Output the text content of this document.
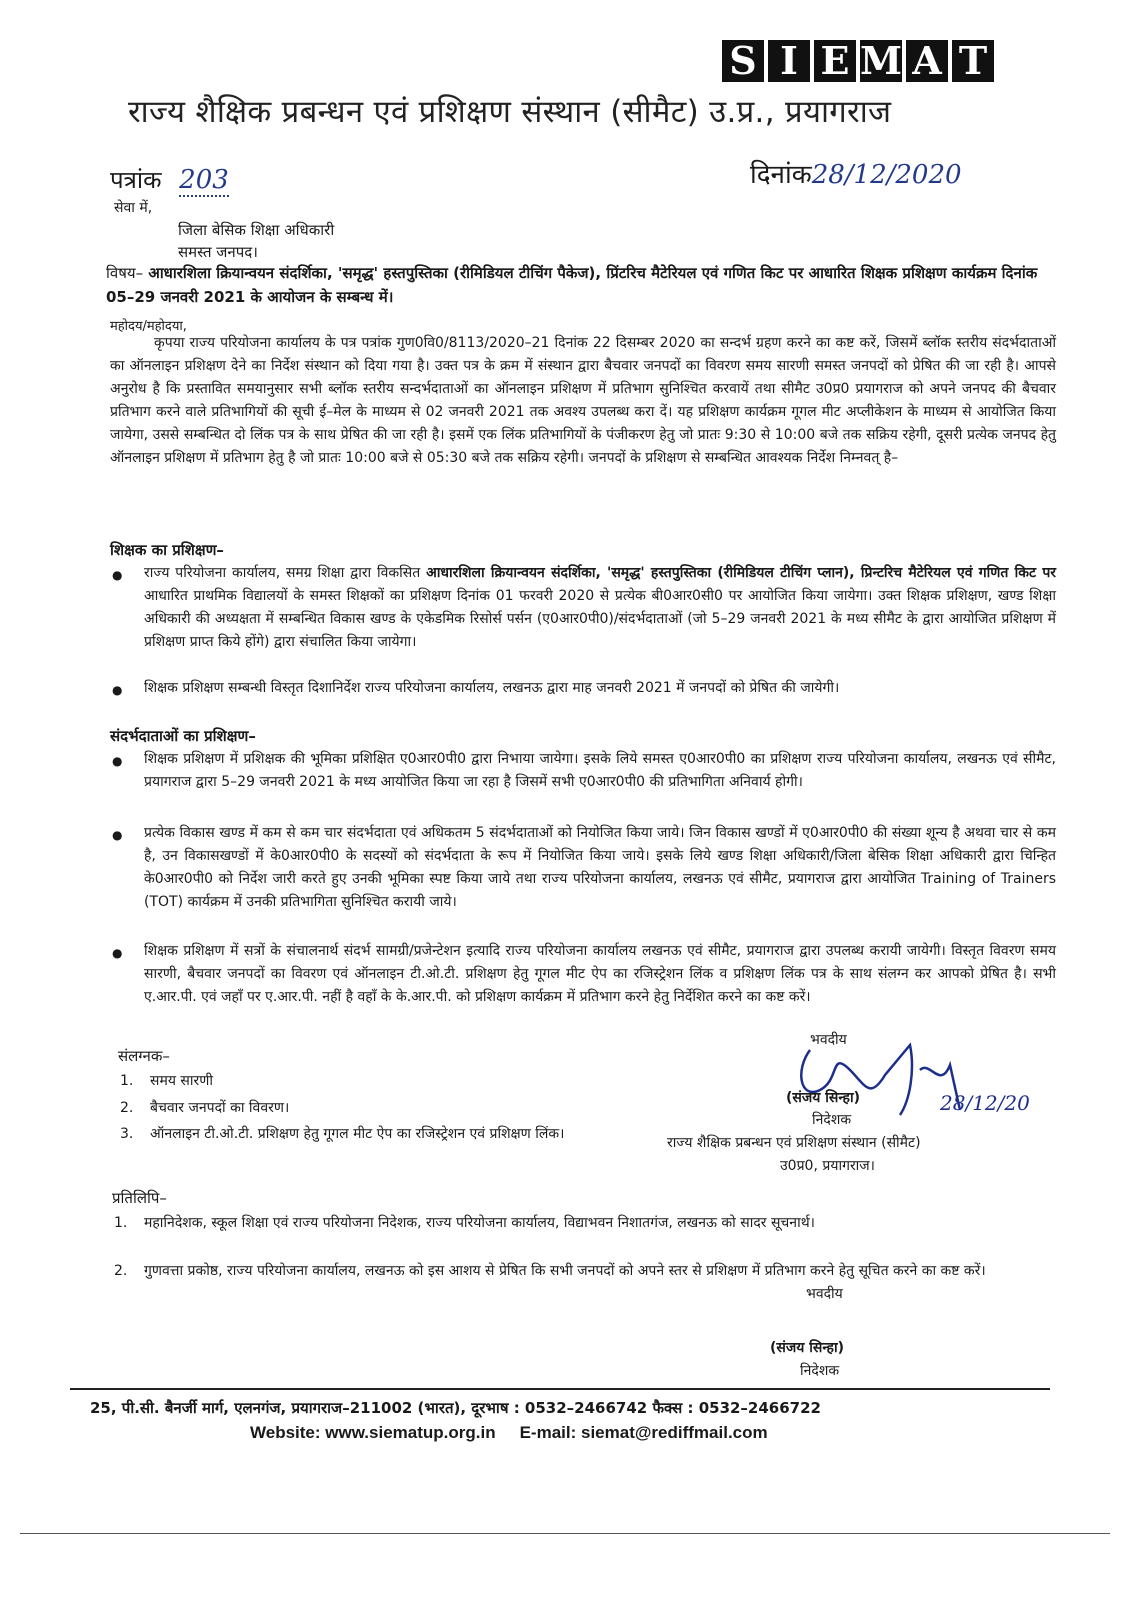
S I E M A T
राज्य शैक्षिक प्रबन्धन एवं प्रशिक्षण संस्थान (सीमैट) उ.प्र., प्रयागराज
पत्रांक 203	दिनांक28/12/2020
सेवा में,
जिला बेसिक शिक्षा अधिकारी
समस्त जनपद।
विषय– आधारशिला क्रियान्वयन संदर्शिका, 'समृद्ध' हस्तपुस्तिका (रीमिडियल टीचिंग पैकेज), प्रिंटरिच मैटेरियल एवं गणित किट पर आधारित शिक्षक प्रशिक्षण कार्यक्रम दिनांक 05–29 जनवरी 2021 के आयोजन के सम्बन्ध में।
महोदय/महोदया,
कृपया राज्य परियोजना कार्यालय के पत्र पत्रांक गुण0वि0/8113/2020–21 दिनांक 22 दिसम्बर 2020 का सन्दर्भ ग्रहण करने का कष्ट करें, जिसमें ब्लॉक स्तरीय संदर्भदाताओं का ऑनलाइन प्रशिक्षण देने का निर्देश संस्थान को दिया गया है। उक्त पत्र के क्रम में संस्थान द्वारा बैचवार जनपदों का विवरण समय सारणी समस्त जनपदों को प्रेषित की जा रही है। आपसे अनुरोध है कि प्रस्तावित समयानुसार सभी ब्लॉक स्तरीय सन्दर्भदाताओं का ऑनलाइन प्रशिक्षण में प्रतिभाग सुनिश्चित करवायें तथा सीमैट उ0प्र0 प्रयागराज को अपने जनपद की बैचवार प्रतिभाग करने वाले प्रतिभागियों की सूची ई–मेल के माध्यम से 02 जनवरी 2021 तक अवश्य उपलब्ध करा दें। यह प्रशिक्षण कार्यक्रम गूगल मीट अप्लीकेशन के माध्यम से आयोजित किया जायेगा, उससे सम्बन्धित दो लिंक पत्र के साथ प्रेषित की जा रही है। इसमें एक लिंक प्रतिभागियों के पंजीकरण हेतु जो प्रातः 9:30 से 10:00 बजे तक सक्रिय रहेगी, दूसरी प्रत्येक जनपद हेतु ऑनलाइन प्रशिक्षण में प्रतिभाग हेतु है जो प्रातः 10:00 बजे से 05:30 बजे तक सक्रिय रहेगी। जनपदों के प्रशिक्षण से सम्बन्धित आवश्यक निर्देश निम्नवत् है–
शिक्षक का प्रशिक्षण–
●	राज्य परियोजना कार्यालय, समग्र शिक्षा द्वारा विकसित आधारशिला क्रियान्वयन संदर्शिका, 'समृद्ध' हस्तपुस्तिका (रीमिडियल टीचिंग प्लान), प्रिन्टरिच मैटेरियल एवं गणित किट पर आधारित प्राथमिक विद्यालयों के समस्त शिक्षकों का प्रशिक्षण दिनांक 01 फरवरी 2020 से प्रत्येक बी0आर0सी0 पर आयोजित किया जायेगा। उक्त शिक्षक प्रशिक्षण, खण्ड शिक्षा अधिकारी की अध्यक्षता में सम्बन्धित विकास खण्ड के एकेडमिक रिसोर्स पर्सन (ए0आर0पी0)/संदर्भदाताओं (जो 5–29 जनवरी 2021 के मध्य सीमैट के द्वारा आयोजित प्रशिक्षण में प्रशिक्षण प्राप्त किये होंगे) द्वारा संचालित किया जायेगा।
●	शिक्षक प्रशिक्षण सम्बन्धी विस्तृत दिशानिर्देश राज्य परियोजना कार्यालय, लखनऊ द्वारा माह जनवरी 2021 में जनपदों को प्रेषित की जायेगी।
संदर्भदाताओं का प्रशिक्षण–
●	शिक्षक प्रशिक्षण में प्रशिक्षक की भूमिका प्रशिक्षित ए0आर0पी0 द्वारा निभाया जायेगा। इसके लिये समस्त ए0आर0पी0 का प्रशिक्षण राज्य परियोजना कार्यालय, लखनऊ एवं सीमैट, प्रयागराज द्वारा 5–29 जनवरी 2021 के मध्य आयोजित किया जा रहा है जिसमें सभी ए0आर0पी0 की प्रतिभागिता अनिवार्य होगी।
●	प्रत्येक विकास खण्ड में कम से कम चार संदर्भदाता एवं अधिकतम 5 संदर्भदाताओं को नियोजित किया जाये। जिन विकास खण्डों में ए0आर0पी0 की संख्या शून्य है अथवा चार से कम है, उन विकासखण्डों में के0आर0पी0 के सदस्यों को संदर्भदाता के रूप में नियोजित किया जाये। इसके लिये खण्ड शिक्षा अधिकारी/जिला बेसिक शिक्षा अधिकारी द्वारा चिन्हित के0आर0पी0 को निर्देश जारी करते हुए उनकी भूमिका स्पष्ट किया जाये तथा राज्य परियोजना कार्यालय, लखनऊ एवं सीमैट, प्रयागराज द्वारा आयोजित Training of Trainers (TOT) कार्यक्रम में उनकी प्रतिभागिता सुनिश्चित करायी जाये।
●	शिक्षक प्रशिक्षण में सत्रों के संचालनार्थ संदर्भ सामग्री/प्रजेन्टेशन इत्यादि राज्य परियोजना कार्यालय लखनऊ एवं सीमैट, प्रयागराज द्वारा उपलब्ध करायी जायेगी। विस्तृत विवरण समय सारणी, बैचवार जनपदों का विवरण एवं ऑनलाइन टी.ओ.टी. प्रशिक्षण हेतु गूगल मीट ऐप का रजिस्ट्रेशन लिंक व प्रशिक्षण लिंक पत्र के साथ संलग्न कर आपको प्रेषित है। सभी ए.आर.पी. एवं जहाँ पर ए.आर.पी. नहीं है वहाँ के के.आर.पी. को प्रशिक्षण कार्यक्रम में प्रतिभाग करने हेतु निर्देशित करने का कष्ट करें।
संलग्नक–
1.	समय सारणी
2.	बैचवार जनपदों का विवरण।
3.	ऑनलाइन टी.ओ.टी. प्रशिक्षण हेतु गूगल मीट ऐप का रजिस्ट्रेशन एवं प्रशिक्षण लिंक।
भवदीय
28/12/20
(संजय सिन्हा)
निदेशक
राज्य शैक्षिक प्रबन्धन एवं प्रशिक्षण संस्थान (सीमैट)
उ0प्र0, प्रयागराज।
प्रतिलिपि–
1.	महानिदेशक, स्कूल शिक्षा एवं राज्य परियोजना निदेशक, राज्य परियोजना कार्यालय, विद्याभवन निशातगंज, लखनऊ को सादर सूचनार्थ।
2.	गुणवत्ता प्रकोष्ठ, राज्य परियोजना कार्यालय, लखनऊ को इस आशय से प्रेषित कि सभी जनपदों को अपने स्तर से प्रशिक्षण में प्रतिभाग करने हेतु सूचित करने का कष्ट करें।
भवदीय
(संजय सिन्हा)
निदेशक
25, पी.सी. बैनर्जी मार्ग, एलनगंज, प्रयागराज–211002 (भारत), दूरभाष : 0532–2466742 फैक्स : 0532–2466722
Website: www.siematup.org.in E-mail: siemat@rediffmail.com
